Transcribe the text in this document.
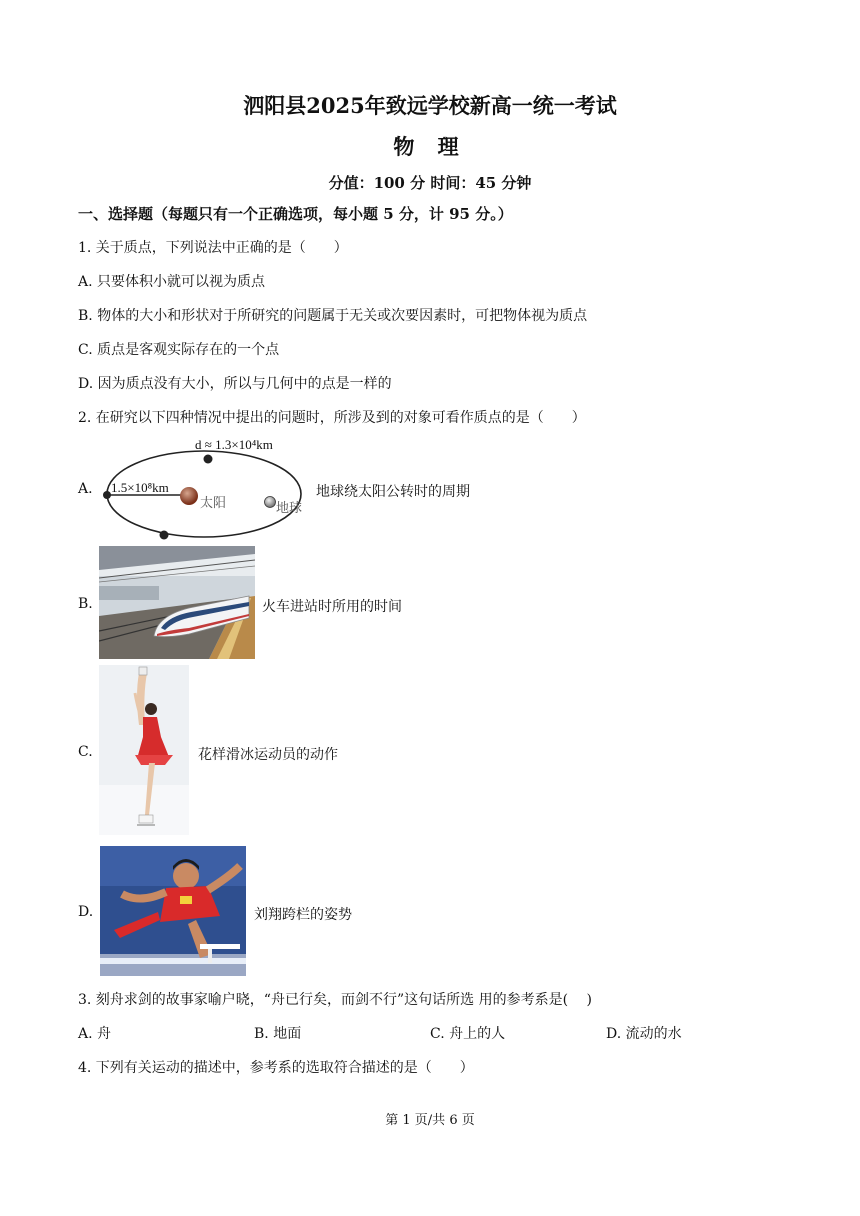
泗阳县2025年致远学校新高一统一考试
物 理
分值：100 分 时间：45 分钟
一、选择题（每题只有一个正确选项，每小题 5 分，计 95 分。）
1. 关于质点，下列说法中正确的是（　　）
A. 只要体积小就可以视为质点
B. 物体的大小和形状对于所研究的问题属于无关或次要因素时，可把物体视为质点
C. 质点是客观实际存在的一个点
D. 因为质点没有大小，所以与几何中的点是一样的
2. 在研究以下四种情况中提出的问题时，所涉及到的对象可看作质点的是（　　）
A.
d ≈ 1.3×10⁴km
1.5×10⁸km
太阳	地球
地球绕太阳公转时的周期
B.	火车进站时所用的时间
C.	花样滑冰运动员的动作
D.	刘翔跨栏的姿势
3. 刻舟求剑的故事家喻户晓，“舟已行矣，而剑不行”这句话所选 用的参考系是(　 )
A. 舟	B. 地面	C. 舟上的人	D. 流动的水
4. 下列有关运动的描述中，参考系的选取符合描述的是（　　）
第 1 页/共 6 页
